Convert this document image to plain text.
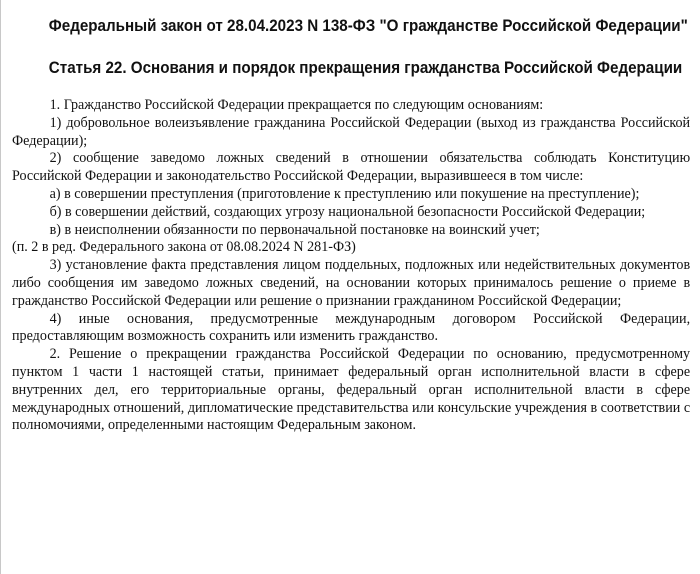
Федеральный закон от 28.04.2023 N 138-ФЗ "О гражданстве Российской Федерации"

Статья 22. Основания и порядок прекращения гражданства Российской Федерации

1. Гражданство Российской Федерации прекращается по следующим основаниям:

1) добровольное волеизъявление гражданина Российской Федерации (выход из гражданства Российской Федерации);

2) сообщение заведомо ложных сведений в отношении обязательства соблюдать Конституцию Российской Федерации и законодательство Российской Федерации, выразившееся в том числе:

а) в совершении преступления (приготовление к преступлению или покушение на преступление);

б) в совершении действий, создающих угрозу национальной безопасности Российской Федерации;

в) в неисполнении обязанности по первоначальной постановке на воинский учет;

(п. 2 в ред. Федерального закона от 08.08.2024 N 281-ФЗ)

3) установление факта представления лицом поддельных, подложных или недействительных документов либо сообщения им заведомо ложных сведений, на основании которых принималось решение о приеме в гражданство Российской Федерации или решение о признании гражданином Российской Федерации;

4) иные основания, предусмотренные международным договором Российской Федерации, предоставляющим возможность сохранить или изменить гражданство.

2. Решение о прекращении гражданства Российской Федерации по основанию, предусмотренному пунктом 1 части 1 настоящей статьи, принимает федеральный орган исполнительной власти в сфере внутренних дел, его территориальные органы, федеральный орган исполнительной власти в сфере международных отношений, дипломатические представительства или консульские учреждения в соответствии с полномочиями, определенными настоящим Федеральным законом.
